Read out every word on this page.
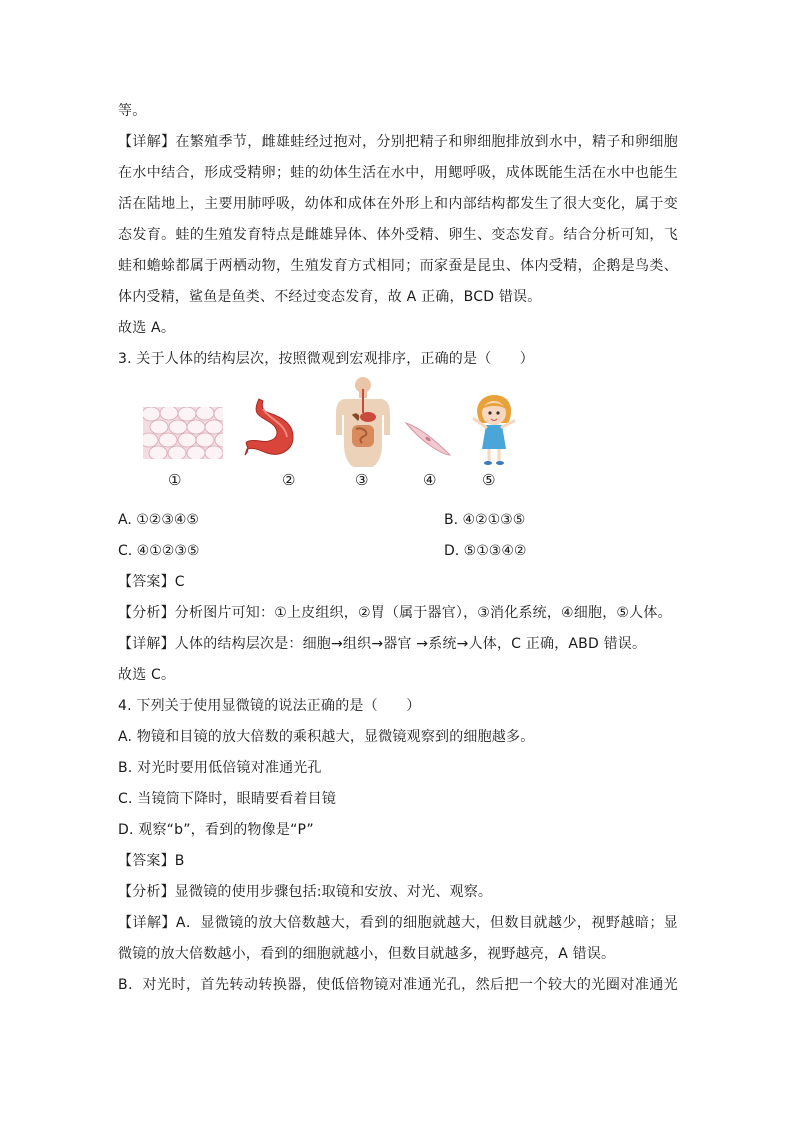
等。
【详解】在繁殖季节，雌雄蛙经过抱对，分别把精子和卵细胞排放到水中，精子和卵细胞
在水中结合，形成受精卵；蛙的幼体生活在水中，用鳃呼吸，成体既能生活在水中也能生
活在陆地上，主要用肺呼吸，幼体和成体在外形上和内部结构都发生了很大变化，属于变
态发育。蛙的生殖发育特点是雌雄异体、体外受精、卵生、变态发育。结合分析可知，飞
蛙和蟾蜍都属于两栖动物，生殖发育方式相同；而家蚕是昆虫、体内受精，企鹅是鸟类、
体内受精，鲨鱼是鱼类、不经过变态发育，故 A 正确，BCD 错误。
故选 A。
3. 关于人体的结构层次，按照微观到宏观排序，正确的是（　　）
①	②	③	④	⑤
A. ①②③④⑤	B. ④②①③⑤
C. ④①②③⑤	D. ⑤①③④②
【答案】C
【分析】分析图片可知：①上皮组织，②胃（属于器官），③消化系统，④细胞，⑤人体。
【详解】人体的结构层次是：细胞→组织→器官 →系统→人体，C 正确，ABD 错误。
故选 C。
4. 下列关于使用显微镜的说法正确的是（　　）
A. 物镜和目镜的放大倍数的乘积越大，显微镜观察到的细胞越多。
B. 对光时要用低倍镜对准通光孔
C. 当镜筒下降时，眼睛要看着目镜
D. 观察“b”，看到的物像是“P”
【答案】B
【分析】显微镜的使用步骤包括:取镜和安放、对光、观察。
【详解】A．显微镜的放大倍数越大，看到的细胞就越大，但数目就越少，视野越暗；显
微镜的放大倍数越小，看到的细胞就越小，但数目就越多，视野越亮，A 错误。
B．对光时，首先转动转换器，使低倍物镜对准通光孔，然后把一个较大的光圈对准通光
